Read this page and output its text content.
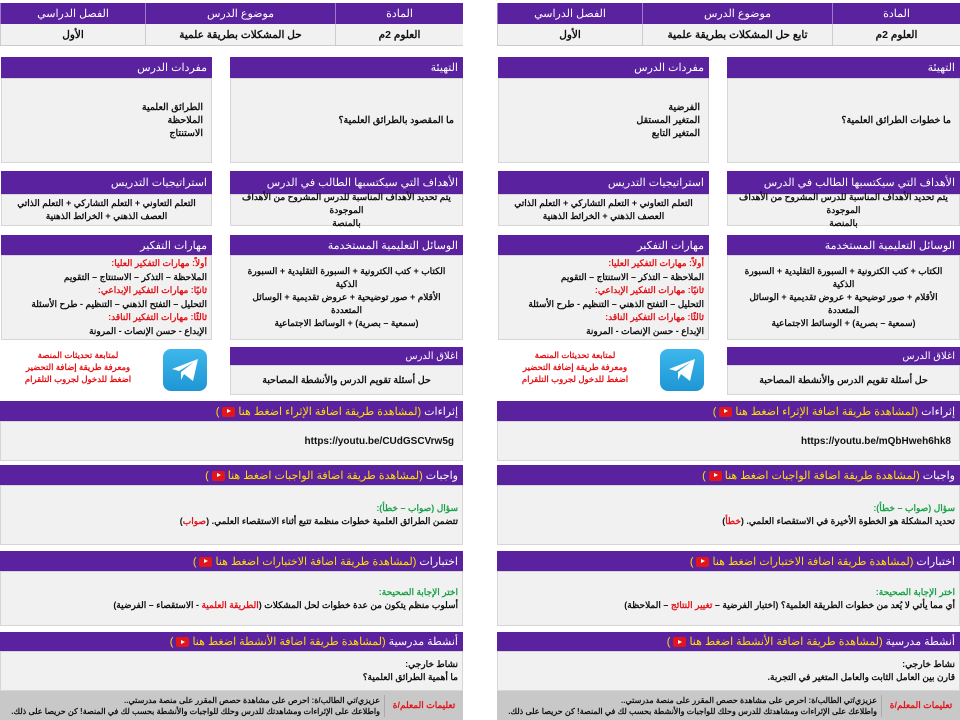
المادة
موضوع الدرس
الفصل الدراسي
العلوم 2م
حل المشكلات بطريقة علمية
الأول
التهيئة
ما المقصود بالطرائق العلمية؟
مفردات الدرس
الطرائق العلمية
الملاحظة
الاستنتاج
الأهداف التي سيكتسبها الطالب في الدرس
يتم تحديد الأهداف المناسبة للدرس المشروح من الأهداف الموجودة
بالمنصة
استراتيجيات التدريس
التعلم التعاوني + التعلم التشاركي + التعلم الذاتي
العصف الذهني + الخرائط الذهنية
الوسائل التعليمية المستخدمة
الكتاب + كتب الكترونية + السبورة التقليدية + السبورة الذكية
الأقلام + صور توضيحية + عروض تقديمية + الوسائل المتعددة
(سمعية – بصرية) + الوسائط الاجتماعية
مهارات التفكير
أولاً: مهارات التفكير العليا:
الملاحظة – التذكر – الاستنتاج – التقويم
ثانيًا: مهارات التفكير الإبداعي:
التحليل – التفتح الذهني – التنظيم - طرح الأسئلة
ثالثًا: مهارات التفكير الناقد:
الإبداع - حسن الإنصات - المرونة
لمتابعة تحديثات المنصة
ومعرفة طريقة إضافة التحضير
اضغط للدخول لجروب التلقرام
اغلاق الدرس
حل أسئلة تقويم الدرس والأنشطة المصاحبة
إثراءات

(لمشاهدة طريقة اضافة الإثراء اضغط هنا)
https://youtu.be/CUdGSCVrw5g
واجبات

(لمشاهدة طريقة اضافة الواجبات اضغط هنا)
سؤال (صواب – خطأ):
تتضمن الطرائق العلمية خطوات منظمة تتبع أثناء الاستقصاء العلمي. ( صواب )
اختبارات

(لمشاهدة طريقة اضافة الاختبارات اضغط هنا)
اختر الإجابة الصحيحة:
أسلوب منظم يتكون من عدة خطوات لحل المشكلات (الطريقة العلمية - الاستقصاء – الفرضية)
أنشطة مدرسية

(لمشاهدة طريقة اضافة الأنشطة اضغط هنا)
نشاط خارجي:
ما أهمية الطرائق العلمية؟
تعليمات المعلم/ة
عزيزي/تي الطالب/ة: احرص على مشاهدة حصص المقرر على منصة مدرستي..
واطلاعك على الإثراءات ومشاهدتك للدرس وحلك للواجبات والأنشطة بحسب لك في المنصة! كن حريصا على ذلك.
المادة
موضوع الدرس
الفصل الدراسي
العلوم 2م
تابع حل المشكلات بطريقة علمية
الأول
التهيئة
ما خطوات الطرائق العلمية؟
مفردات الدرس
الفرضية
المتغير المستقل
المتغير التابع
الأهداف التي سيكتسبها الطالب في الدرس
يتم تحديد الأهداف المناسبة للدرس المشروح من الأهداف الموجودة
بالمنصة
استراتيجيات التدريس
التعلم التعاوني + التعلم التشاركي + التعلم الذاتي
العصف الذهني + الخرائط الذهنية
الوسائل التعليمية المستخدمة
الكتاب + كتب الكترونية + السبورة التقليدية + السبورة الذكية
الأقلام + صور توضيحية + عروض تقديمية + الوسائل المتعددة
(سمعية – بصرية) + الوسائط الاجتماعية
مهارات التفكير
أولاً: مهارات التفكير العليا:
الملاحظة – التذكر – الاستنتاج – التقويم
ثانيًا: مهارات التفكير الإبداعي:
التحليل – التفتح الذهني – التنظيم - طرح الأسئلة
ثالثًا: مهارات التفكير الناقد:
الإبداع - حسن الإنصات - المرونة
لمتابعة تحديثات المنصة
ومعرفة طريقة إضافة التحضير
اضغط للدخول لجروب التلقرام
اغلاق الدرس
حل أسئلة تقويم الدرس والأنشطة المصاحبة
إثراءات

(لمشاهدة طريقة اضافة الإثراء اضغط هنا)
https://youtu.be/mQbHweh6hk8
واجبات

(لمشاهدة طريقة اضافة الواجبات اضغط هنا)
سؤال (صواب – خطأ):
تحديد المشكلة هو الخطوة الأخيرة في الاستقصاء العلمي. ( خطأ )
اختبارات

(لمشاهدة طريقة اضافة الاختبارات اضغط هنا)
اختر الإجابة الصحيحة:
أي مما يأتي لا يُعد من خطوات الطريقة العلمية؟ (اختبار الفرضية – تغيير النتائج – الملاحظة)
أنشطة مدرسية

(لمشاهدة طريقة اضافة الأنشطة اضغط هنا)
نشاط خارجي:
قارن بين العامل الثابت والعامل المتغير في التجربة.
تعليمات المعلم/ة
عزيزي/تي الطالب/ة: احرص على مشاهدة حصص المقرر على منصة مدرستي..
واطلاعك على الإثراءات ومشاهدتك للدرس وحلك للواجبات والأنشطة بحسب لك في المنصة! كن حريصا على ذلك.
